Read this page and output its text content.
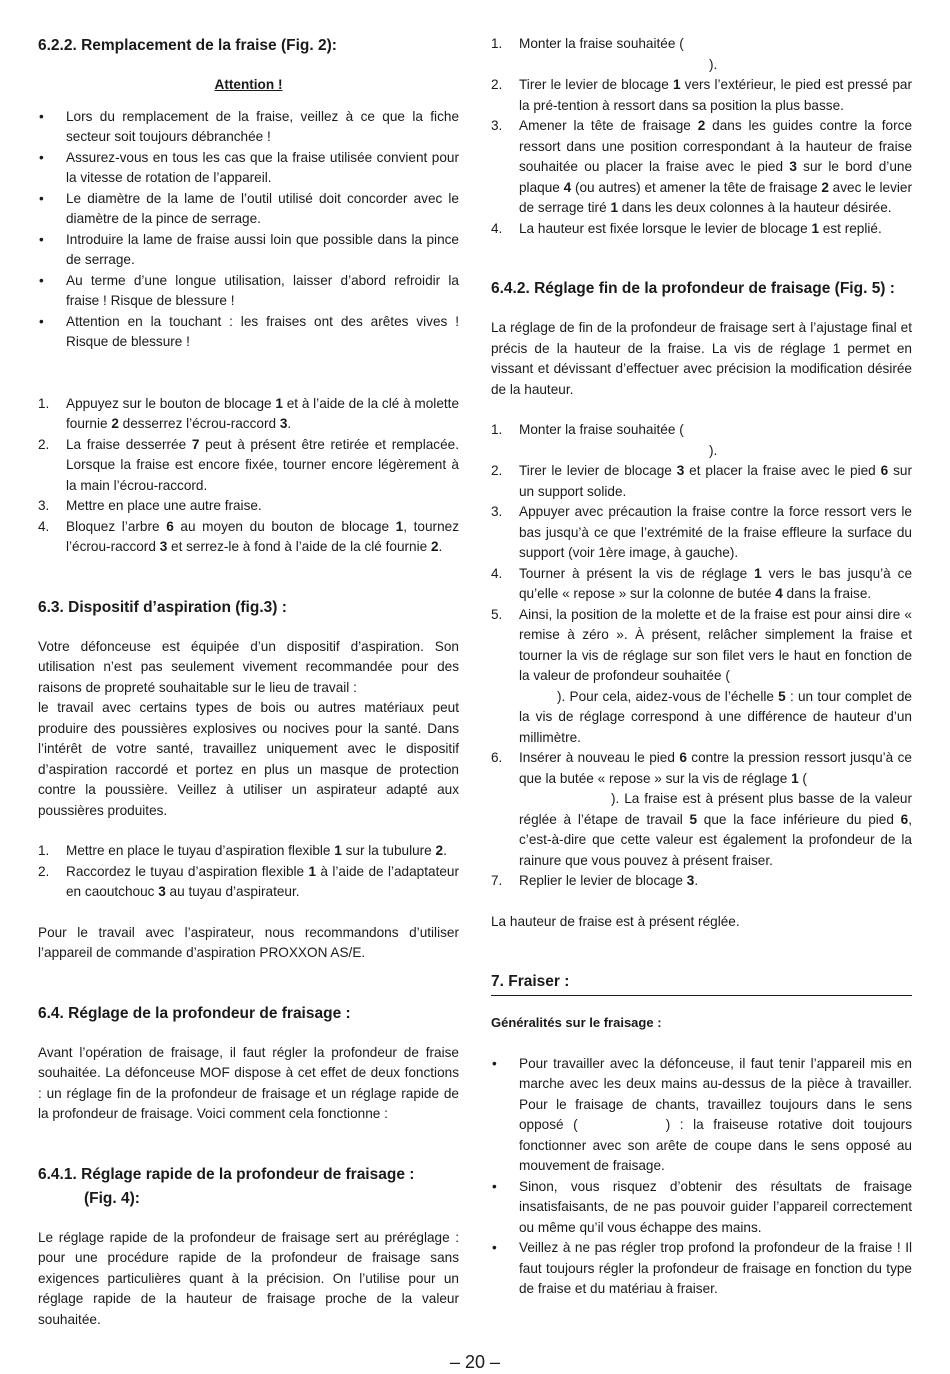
6.2.2. Remplacement de la fraise (Fig. 2):
Attention !
• Lors du remplacement de la fraise, veillez à ce que la fiche secteur soit toujours débranchée !
• Assurez-vous en tous les cas que la fraise utilisée convient pour la vitesse de rotation de l’appareil.
• Le diamètre de la lame de l’outil utilisé doit concorder avec le diamètre de la pince de serrage.
• Introduire la lame de fraise aussi loin que possible dans la pince de serrage.
• Au terme d’une longue utilisation, laisser d’abord refroidir la fraise ! Risque de blessure !
• Attention en la touchant : les fraises ont des arêtes vives ! Risque de blessure !
1. Appuyez sur le bouton de blocage 1 et à l’aide de la clé à molette fournie 2 desserrez l’écrou-raccord 3.
2. La fraise desserrée 7 peut à présent être retirée et remplacée. Lorsque la fraise est encore fixée, tourner encore légèrement à la main l’écrou-raccord.
3. Mettre en place une autre fraise.
4. Bloquez l’arbre 6 au moyen du bouton de blocage 1, tournez l’écrou-raccord 3 et serrez-le à fond à l’aide de la clé fournie 2.
6.3. Dispositif d’aspiration (fig.3) :

Votre défonceuse est équipée d’un dispositif d’aspiration. Son utilisation n’est pas seulement vivement recommandée pour des raisons de propreté souhaitable sur le lieu de travail :

le travail avec certains types de bois ou autres matériaux peut produire des poussières explosives ou nocives pour la santé. Dans l’intérêt de votre santé, travaillez uniquement avec le dispositif d’aspiration raccordé et portez en plus un masque de protection contre la poussière. Veillez à utiliser un aspirateur adapté aux poussières produites.

1. Mettre en place le tuyau d’aspiration flexible 1 sur la tubulure 2.
2. Raccordez le tuyau d’aspiration flexible 1 à l’aide de l’adaptateur en caoutchouc 3 au tuyau d’aspirateur.

Pour le travail avec l’aspirateur, nous recommandons d’utiliser l’appareil de commande d’aspiration PROXXON AS/E.

6.4. Réglage de la profondeur de fraisage :

Avant l’opération de fraisage, il faut régler la profondeur de fraise souhaitée. La défonceuse MOF dispose à cet effet de deux fonctions : un réglage fin de la profondeur de fraisage et un réglage rapide de la profondeur de fraisage. Voici comment cela fonctionne :

6.4.1. Réglage rapide de la profondeur de fraisage :
(Fig. 4):

Le réglage rapide de la profondeur de fraisage sert au préréglage : pour une procédure rapide de la profondeur de fraisage sans exigences particulières quant à la précision. On l’utilise pour un réglage rapide de la hauteur de fraisage proche de la valeur souhaitée.

1. Monter la fraise souhaitée (
).
2. Tirer le levier de blocage 1 vers l’extérieur, le pied est pressé par la pré-tention à ressort dans sa position la plus basse.
3. Amener la tête de fraisage 2 dans les guides contre la force ressort dans une position correspondant à la hauteur de fraise souhaitée ou placer la fraise avec le pied 3 sur le bord d’une plaque 4 (ou autres) et amener la tête de fraisage 2 avec le levier de serrage tiré 1 dans les deux colonnes à la hauteur désirée.
4. La hauteur est fixée lorsque le levier de blocage 1 est replié.
6.4.2. Réglage fin de la profondeur de fraisage (Fig. 5) :

La réglage de fin de la profondeur de fraisage sert à l’ajustage final et précis de la hauteur de la fraise. La vis de réglage 1 permet en vissant et dévissant d’effectuer avec précision la modification désirée de la hauteur.

1. Monter la fraise souhaitée (
).
2. Tirer le levier de blocage 3 et placer la fraise avec le pied 6 sur un support solide.
3. Appuyer avec précaution la fraise contre la force ressort vers le bas jusqu’à ce que l’extrémité de la fraise effleure la surface du support (voir 1ère image, à gauche).
4. Tourner à présent la vis de réglage 1 vers le bas jusqu’à ce qu’elle « repose » sur la colonne de butée 4 dans la fraise.
5. Ainsi, la position de la molette et de la fraise est pour ainsi dire « remise à zéro ». À présent, relâcher simplement la fraise et tourner la vis de réglage sur son filet vers le haut en fonction de la valeur de profondeur souhaitée (
). Pour cela, aidez-vous de l’échelle 5 : un tour complet de la vis de réglage correspond à une différence de hauteur d’un millimètre.
6. Insérer à nouveau le pied 6 contre la pression ressort jusqu’à ce que la butée « repose » sur la vis de réglage 1 (
). La fraise est à présent plus basse de la valeur réglée à l’étape de travail 5 que la face inférieure du pied 6, c’est-à-dire que cette valeur est également la profondeur de la rainure que vous pouvez à présent fraiser.
7. Replier le levier de blocage 3.

La hauteur de fraise est à présent réglée.

7. Fraiser :
Généralités sur le fraisage :
• Pour travailler avec la défonceuse, il faut tenir l’appareil mis en marche avec les deux mains au-dessus de la pièce à travailler. Pour le fraisage de chants, travaillez toujours dans le sens opposé (	) : la fraiseuse rotative doit toujours fonctionner avec son arête de coupe dans le sens opposé au mouvement de fraisage.
• Sinon, vous risquez d’obtenir des résultats de fraisage insatisfaisants, de ne pas pouvoir guider l’appareil correctement ou même qu’il vous échappe des mains.
• Veillez à ne pas régler trop profond la profondeur de la fraise ! Il faut toujours régler la profondeur de fraisage en fonction du type de fraise et du matériau à fraiser.
– 20 –
